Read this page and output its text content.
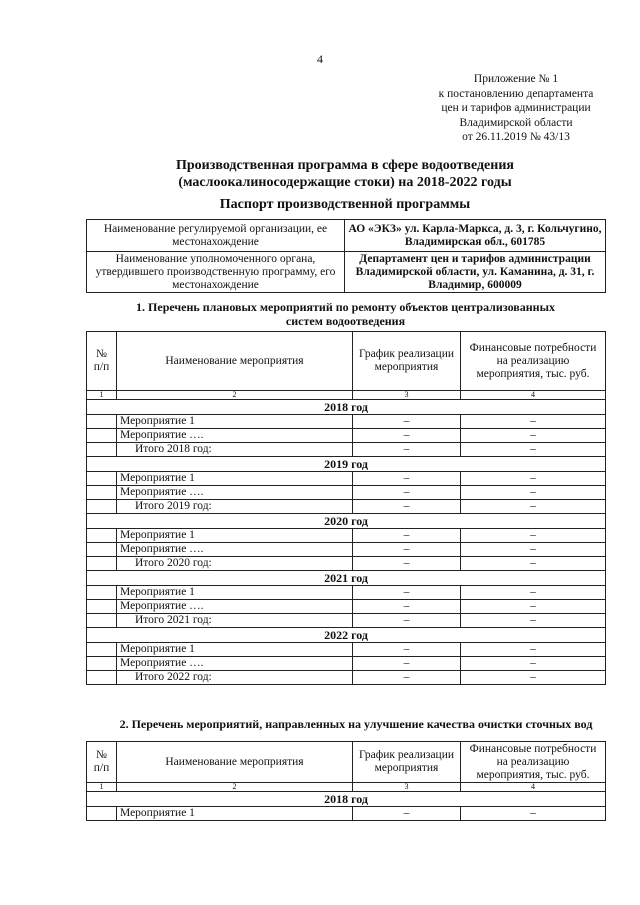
4
Приложение № 1
к постановлению департамента
цен и тарифов администрации
Владимирской области
от 26.11.2019 № 43/13
Производственная программа в сфере водоотведения
(маслоокалиносодержащие стоки) на 2018-2022 годы
Паспорт производственной программы
Наименование регулируемой организации, ее местонахождение	АО «ЭКЗ» ул. Карла-Маркса, д. 3, г. Кольчугино, Владимирская обл., 601785
Наименование уполномоченного органа, утвердившего производственную программу, его местонахождение	Департамент цен и тарифов администрации Владимирской области, ул. Каманина, д. 31, г. Владимир, 600009
1. Перечень плановых мероприятий по ремонту объектов централизованных
систем водоотведения
№ п/п	Наименование мероприятия	График реализации мероприятия	Финансовые потребности на реализацию мероприятия, тыс. руб.
1	2	3	4
2018 год			
	Мероприятие 1	–	–
	Мероприятие ….	–	–
	Итого 2018 год:	–	–
2019 год			
	Мероприятие 1	–	–
	Мероприятие ….	–	–
	Итого 2019 год:	–	–
2020 год			
	Мероприятие 1	–	–
	Мероприятие ….	–	–
	Итого 2020 год:	–	–
2021 год			
	Мероприятие 1	–	–
	Мероприятие ….	–	–
	Итого 2021 год:	–	–
2022 год			
	Мероприятие 1	–	–
	Мероприятие ….	–	–
	Итого 2022 год:	–	–
2. Перечень мероприятий, направленных на улучшение качества очистки сточных вод
№ п/п	Наименование мероприятия	График реализации мероприятия	Финансовые потребности на реализацию мероприятия, тыс. руб.
1	2	3	4
2018 год			
	Мероприятие 1	–	–
